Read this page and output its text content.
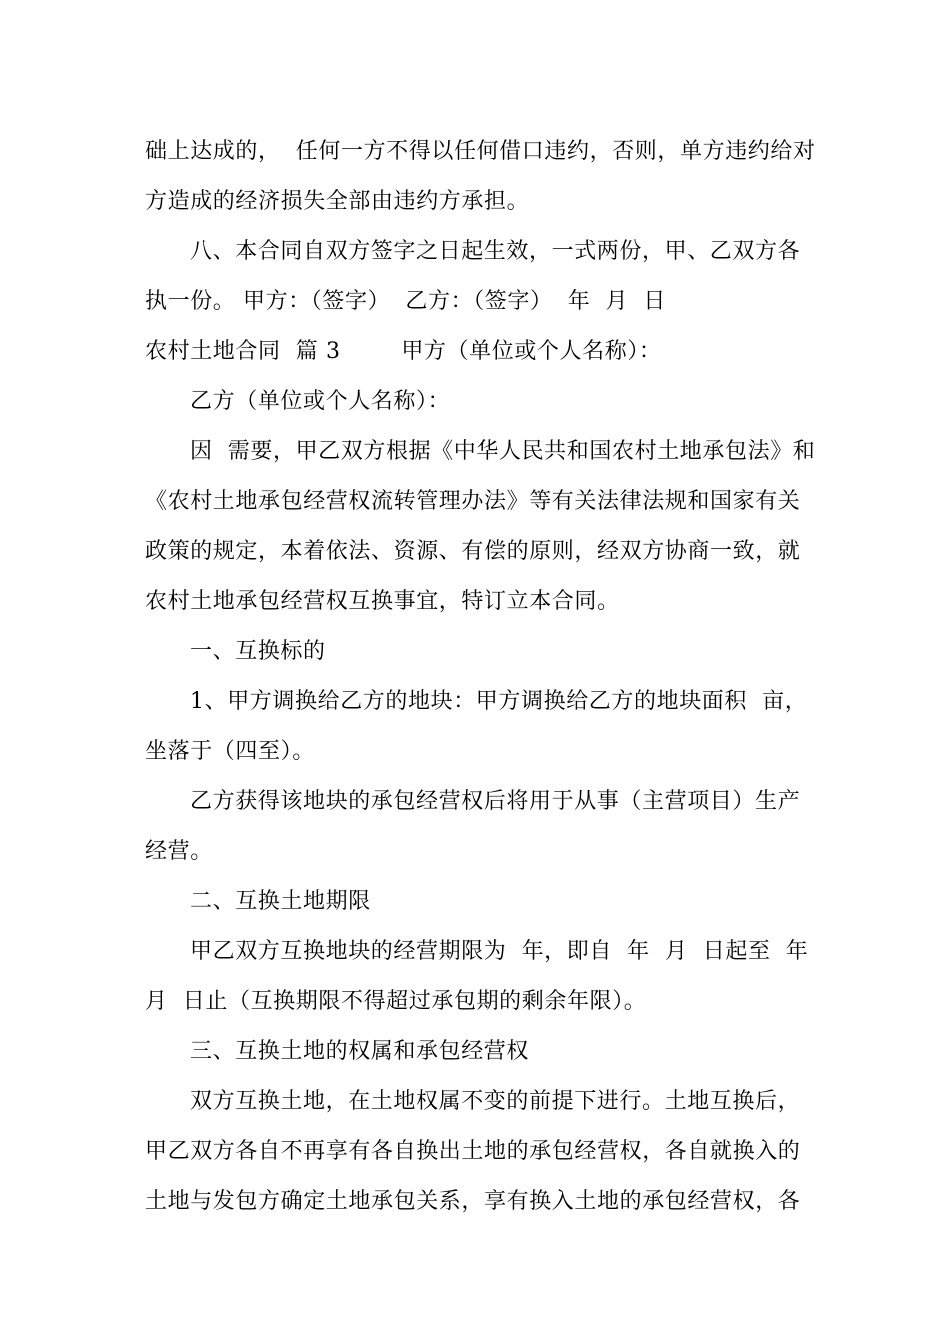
础上达成的，  任何一方不得以任何借口违约，否则，单方违约给对
方造成的经济损失全部由违约方承担。
八、本合同自双方签字之日起生效，一式两份，甲、乙双方各
执一份。 甲方：（签字）  乙方：（签字）  年  月  日
农村土地合同  篇 3        甲方（单位或个人名称）：
乙方（单位或个人名称）：
因  需要，甲乙双方根据《中华人民共和国农村土地承包法》和
《农村土地承包经营权流转管理办法》等有关法律法规和国家有关
政策的规定，本着依法、资源、有偿的原则，经双方协商一致，就
农村土地承包经营权互换事宜，特订立本合同。
一、互换标的
1、甲方调换给乙方的地块：甲方调换给乙方的地块面积  亩，
坐落于（四至）。
乙方获得该地块的承包经营权后将用于从事（主营项目）生产
经营。
二、互换土地期限
甲乙双方互换地块的经营期限为  年，即自  年  月  日起至  年
月  日止（互换期限不得超过承包期的剩余年限）。
三、互换土地的权属和承包经营权
双方互换土地，在土地权属不变的前提下进行。土地互换后，
甲乙双方各自不再享有各自换出土地的承包经营权，各自就换入的
土地与发包方确定土地承包关系，享有换入土地的承包经营权，各
